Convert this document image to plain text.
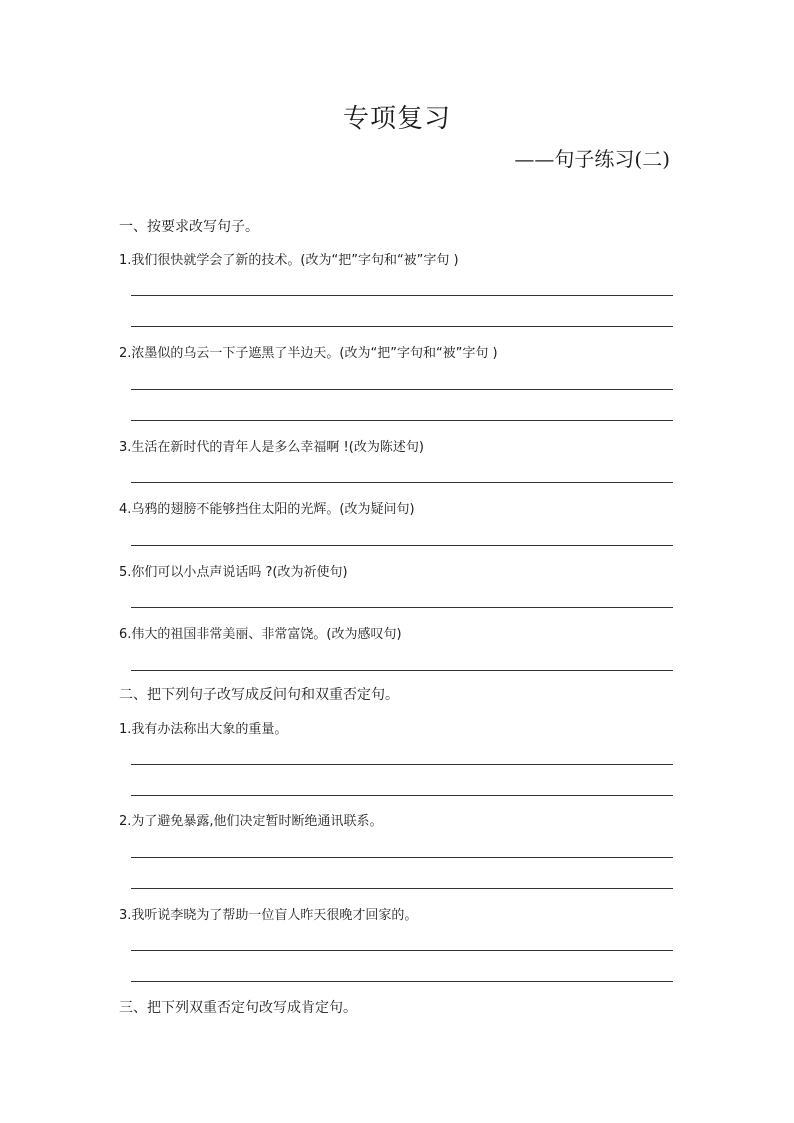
专项复习
——句子练习(二)
一、按要求改写句子。
1.我们很快就学会了新的技术。(改为“把”字句和“被”字句 )
2.浓墨似的乌云一下子遮黑了半边天。(改为“把”字句和“被”字句 )
3.生活在新时代的青年人是多么幸福啊 !(改为陈述句)
4.乌鸦的翅膀不能够挡住太阳的光辉。(改为疑问句)
5.你们可以小点声说话吗 ?(改为祈使句)
6.伟大的祖国非常美丽、非常富饶。(改为感叹句)
二、把下列句子改写成反问句和双重否定句。
1.我有办法称出大象的重量。
2.为了避免暴露,他们决定暂时断绝通讯联系。
3.我听说李晓为了帮助一位盲人昨天很晚才回家的。
三、把下列双重否定句改写成肯定句。
